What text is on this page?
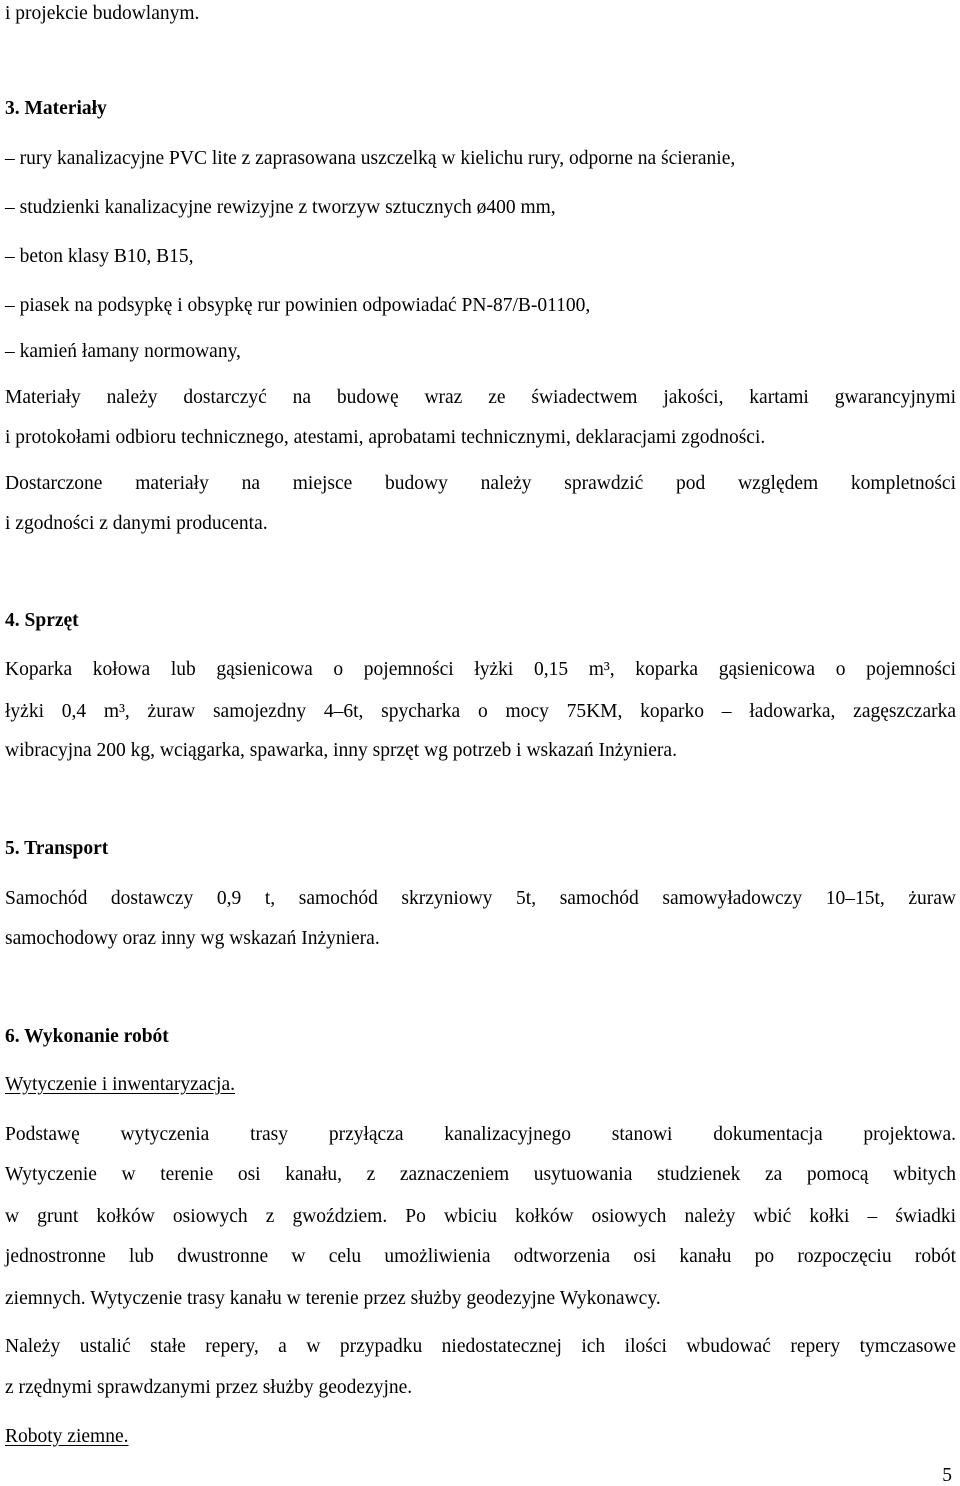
i projekcie budowlanym.
3. Materiały
– rury kanalizacyjne PVC lite z zaprasowana uszczelką w kielichu rury, odporne na ścieranie,
– studzienki kanalizacyjne rewizyjne z tworzyw sztucznych ø400 mm,
– beton klasy B10, B15,
– piasek na podsypkę i obsypkę rur powinien odpowiadać PN-87/B-01100,
– kamień łamany normowany,
Materiały należy dostarczyć na budowę wraz ze świadectwem jakości, kartami gwarancyjnymi
i protokołami odbioru technicznego, atestami, aprobatami technicznymi, deklaracjami zgodności.
Dostarczone materiały na miejsce budowy należy sprawdzić pod względem kompletności
i zgodności z danymi producenta.
4. Sprzęt
Koparka kołowa lub gąsienicowa o pojemności łyżki 0,15 m³, koparka gąsienicowa o pojemności
łyżki 0,4 m³, żuraw samojezdny 4–6t, spycharka o mocy 75KM, koparko – ładowarka, zagęszczarka
wibracyjna 200 kg, wciągarka, spawarka, inny sprzęt wg potrzeb i wskazań Inżyniera.
5. Transport
Samochód dostawczy 0,9 t, samochód skrzyniowy 5t, samochód samowyładowczy 10–15t, żuraw
samochodowy oraz inny wg wskazań Inżyniera.
6. Wykonanie robót
Wytyczenie i inwentaryzacja.
Podstawę wytyczenia trasy przyłącza kanalizacyjnego stanowi dokumentacja projektowa.
Wytyczenie w terenie osi kanału, z zaznaczeniem usytuowania studzienek za pomocą wbitych
w grunt kołków osiowych z gwoździem. Po wbiciu kołków osiowych należy wbić kołki – świadki
jednostronne lub dwustronne w celu umożliwienia odtworzenia osi kanału po rozpoczęciu robót
ziemnych. Wytyczenie trasy kanału w terenie przez służby geodezyjne Wykonawcy.
Należy ustalić stałe repery, a w przypadku niedostatecznej ich ilości wbudować repery tymczasowe
z rzędnymi sprawdzanymi przez służby geodezyjne.
Roboty ziemne.
5
